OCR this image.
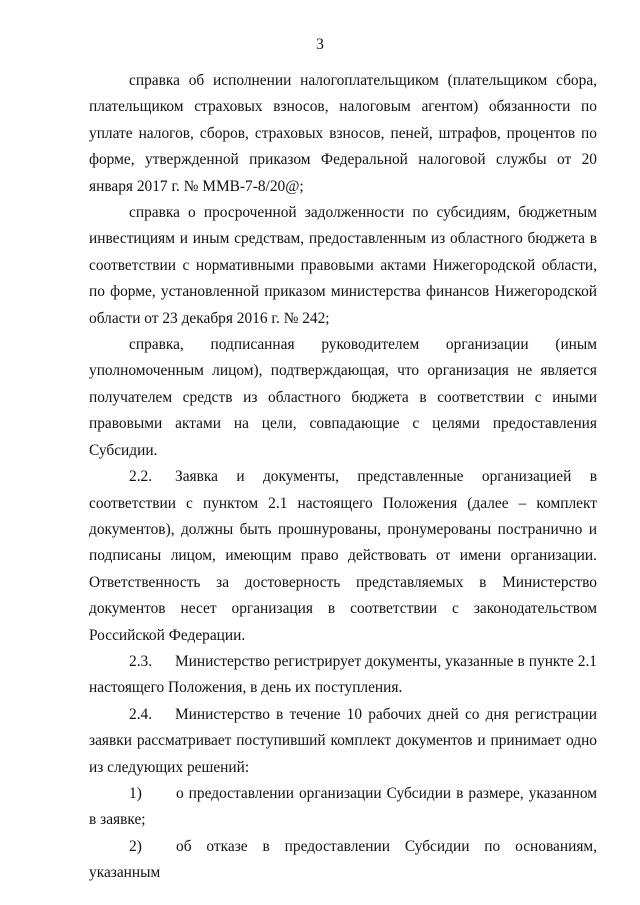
3

справка об исполнении налогоплательщиком (плательщиком сбора, плательщиком страховых взносов, налоговым агентом) обязанности по уплате налогов, сборов, страховых взносов, пеней, штрафов, процентов по форме, утвержденной приказом Федеральной налоговой службы от 20 января 2017 г. № ММВ-7-8/20@;

справка о просроченной задолженности по субсидиям, бюджетным инвестициям и иным средствам, предоставленным из областного бюджета в соответствии с нормативными правовыми актами Нижегородской области, по форме, установленной приказом министерства финансов Нижегородской области от 23 декабря 2016 г. № 242;

справка, подписанная руководителем организации (иным уполномоченным лицом), подтверждающая, что организация не является получателем средств из областного бюджета в соответствии с иными правовыми актами на цели, совпадающие с целями предоставления Субсидии.

2.2. Заявка и документы, представленные организацией в соответствии с пунктом 2.1 настоящего Положения (далее – комплект документов), должны быть прошнурованы, пронумерованы постранично и подписаны лицом, имеющим право действовать от имени организации. Ответственность за достоверность представляемых в Министерство документов несет организация в соответствии с законодательством Российской Федерации.

2.3. Министерство регистрирует документы, указанные в пункте 2.1 настоящего Положения, в день их поступления.

2.4. Министерство в течение 10 рабочих дней со дня регистрации заявки рассматривает поступивший комплект документов и принимает одно из следующих решений:

1) о предоставлении организации Субсидии в размере, указанном в заявке;

2) об отказе в предоставлении Субсидии по основаниям, указанным
